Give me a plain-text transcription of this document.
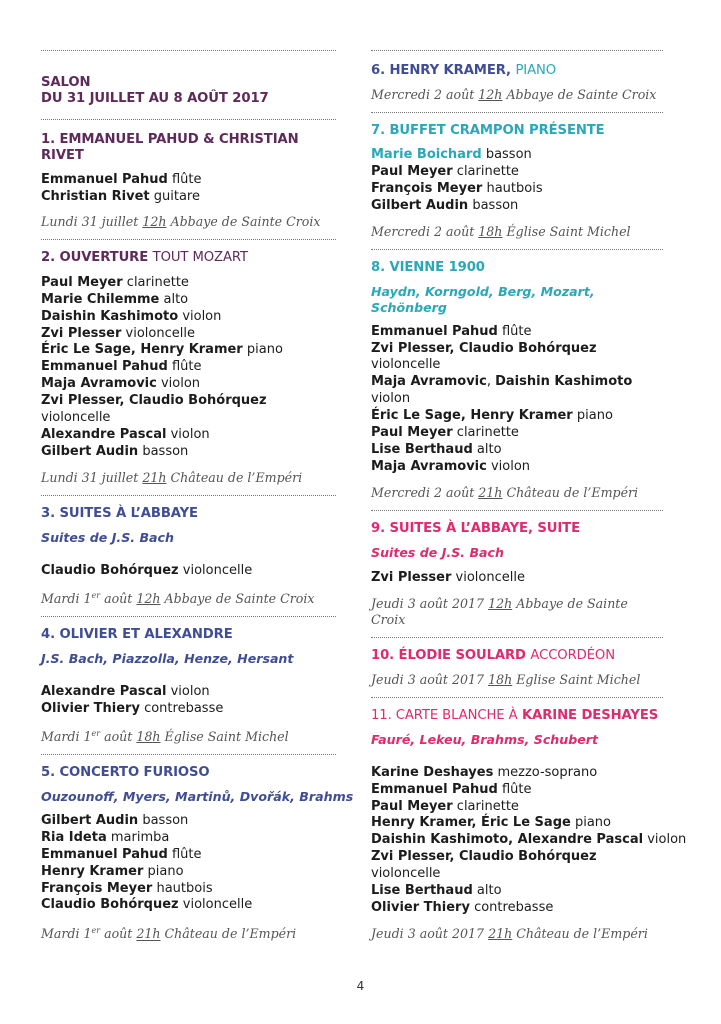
SALON
DU 31 JUILLET AU 8 AOÛT 2017
1. EMMANUEL PAHUD & CHRISTIAN RIVET
Emmanuel Pahud flûte
Christian Rivet guitare
Lundi 31 juillet 12h Abbaye de Sainte Croix
2. OUVERTURE TOUT MOZART
Paul Meyer clarinette
Marie Chilemme alto
Daishin Kashimoto violon
Zvi Plesser violoncelle
Éric Le Sage, Henry Kramer piano
Emmanuel Pahud flûte
Maja Avramovic violon
Zvi Plesser, Claudio Bohórquez violoncelle
Alexandre Pascal violon
Gilbert Audin basson
Lundi 31 juillet 21h Château de l’Empéri
3. SUITES À L’ABBAYE
Suites de J.S. Bach
Claudio Bohórquez violoncelle
Mardi 1er août 12h Abbaye de Sainte Croix
4. OLIVIER ET ALEXANDRE
J.S. Bach, Piazzolla, Henze, Hersant
Alexandre Pascal violon
Olivier Thiery contrebasse
Mardi 1er août 18h Église Saint Michel
5. CONCERTO FURIOSO
Ouzounoff, Myers, Martinů, Dvořák, Brahms
Gilbert Audin basson
Ria Ideta marimba
Emmanuel Pahud flûte
Henry Kramer piano
François Meyer hautbois
Claudio Bohórquez violoncelle
Mardi 1er août 21h Château de l’Empéri
6. HENRY KRAMER, PIANO
Mercredi 2 août 12h Abbaye de Sainte Croix
7. BUFFET CRAMPON PRÉSENTE
Marie Boichard basson
Paul Meyer clarinette
François Meyer hautbois
Gilbert Audin basson
Mercredi 2 août 18h Église Saint Michel
8. VIENNE 1900
Haydn, Korngold, Berg, Mozart, Schönberg
Emmanuel Pahud flûte
Zvi Plesser, Claudio Bohórquez violoncelle
Maja Avramovic, Daishin Kashimoto violon
Éric Le Sage, Henry Kramer piano
Paul Meyer clarinette
Lise Berthaud alto
Maja Avramovic violon
Mercredi 2 août 21h Château de l’Empéri
9. SUITES À L’ABBAYE, SUITE
Suites de J.S. Bach
Zvi Plesser violoncelle
Jeudi 3 août 2017 12h Abbaye de Sainte Croix
10. ÉLODIE SOULARD ACCORDÉON
Jeudi 3 août 2017 18h Eglise Saint Michel
11. CARTE BLANCHE À KARINE DESHAYES
Fauré, Lekeu, Brahms, Schubert
Karine Deshayes mezzo-soprano
Emmanuel Pahud flûte
Paul Meyer clarinette
Henry Kramer, Éric Le Sage piano
Daishin Kashimoto, Alexandre Pascal violon
Zvi Plesser, Claudio Bohórquez violoncelle
Lise Berthaud alto
Olivier Thiery contrebasse
Jeudi 3 août 2017 21h Château de l’Empéri
4
